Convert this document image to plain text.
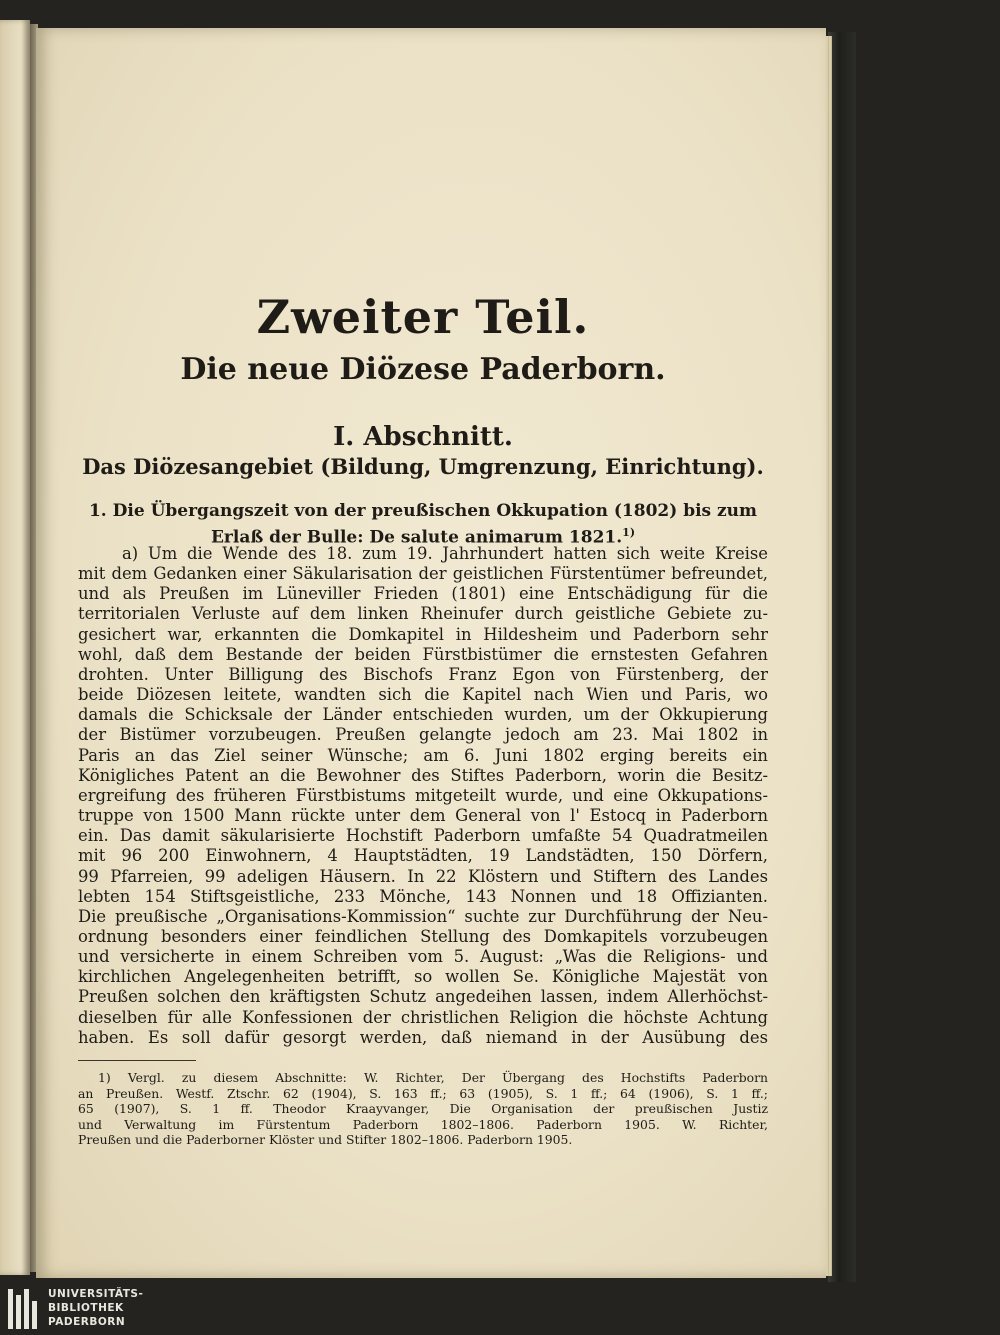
Zweiter Teil.
Die neue Diözese Paderborn.
I. Abschnitt.
Das Diözesangebiet (Bildung, Umgrenzung, Einrichtung).
1. Die Übergangszeit von der preußischen Okkupation (1802) bis zum
Erlaß der Bulle: De salute animarum 1821.$^{1)}$
a) Um die Wende des 18. zum 19. Jahrhundert hatten sich weite Kreise
mit dem Gedanken einer Säkularisation der geistlichen Fürstentümer befreundet,
und als Preußen im Lüneviller Frieden (1801) eine Entschädigung für die
territorialen Verluste auf dem linken Rheinufer durch geistliche Gebiete zu-
gesichert war, erkannten die Domkapitel in Hildesheim und Paderborn sehr
wohl, daß dem Bestande der beiden Fürstbistümer die ernstesten Gefahren
drohten. Unter Billigung des Bischofs Franz Egon von Fürstenberg, der
beide Diözesen leitete, wandten sich die Kapitel nach Wien und Paris, wo
damals die Schicksale der Länder entschieden wurden, um der Okkupierung
der Bistümer vorzubeugen. Preußen gelangte jedoch am 23. Mai 1802 in
Paris an das Ziel seiner Wünsche; am 6. Juni 1802 erging bereits ein
Königliches Patent an die Bewohner des Stiftes Paderborn, worin die Besitz-
ergreifung des früheren Fürstbistums mitgeteilt wurde, und eine Okkupations-
truppe von 1500 Mann rückte unter dem General von l' Estocq in Paderborn
ein. Das damit säkularisierte Hochstift Paderborn umfaßte 54 Quadratmeilen
mit 96 200 Einwohnern, 4 Hauptstädten, 19 Landstädten, 150 Dörfern,
99 Pfarreien, 99 adeligen Häusern. In 22 Klöstern und Stiftern des Landes
lebten 154 Stiftsgeistliche, 233 Mönche, 143 Nonnen und 18 Offizianten.
Die preußische „Organisations-Kommission“ suchte zur Durchführung der Neu-
ordnung besonders einer feindlichen Stellung des Domkapitels vorzubeugen
und versicherte in einem Schreiben vom 5. August: „Was die Religions- und
kirchlichen Angelegenheiten betrifft, so wollen Se. Königliche Majestät von
Preußen solchen den kräftigsten Schutz angedeihen lassen, indem Allerhöchst-
dieselben für alle Konfessionen der christlichen Religion die höchste Achtung
haben. Es soll dafür gesorgt werden, daß niemand in der Ausübung des
1) Vergl. zu diesem Abschnitte: W. Richter, Der Übergang des Hochstifts Paderborn
an Preußen. Westf. Ztschr. 62 (1904), S. 163 ff.; 63 (1905), S. 1 ff.; 64 (1906), S. 1 ff.;
65 (1907), S. 1 ff. Theodor Kraayvanger, Die Organisation der preußischen Justiz
und Verwaltung im Fürstentum Paderborn 1802–1806. Paderborn 1905. W. Richter,
Preußen und die Paderborner Klöster und Stifter 1802–1806. Paderborn 1905.
UNIVERSITÄTS-
BIBLIOTHEK
PADERBORN
